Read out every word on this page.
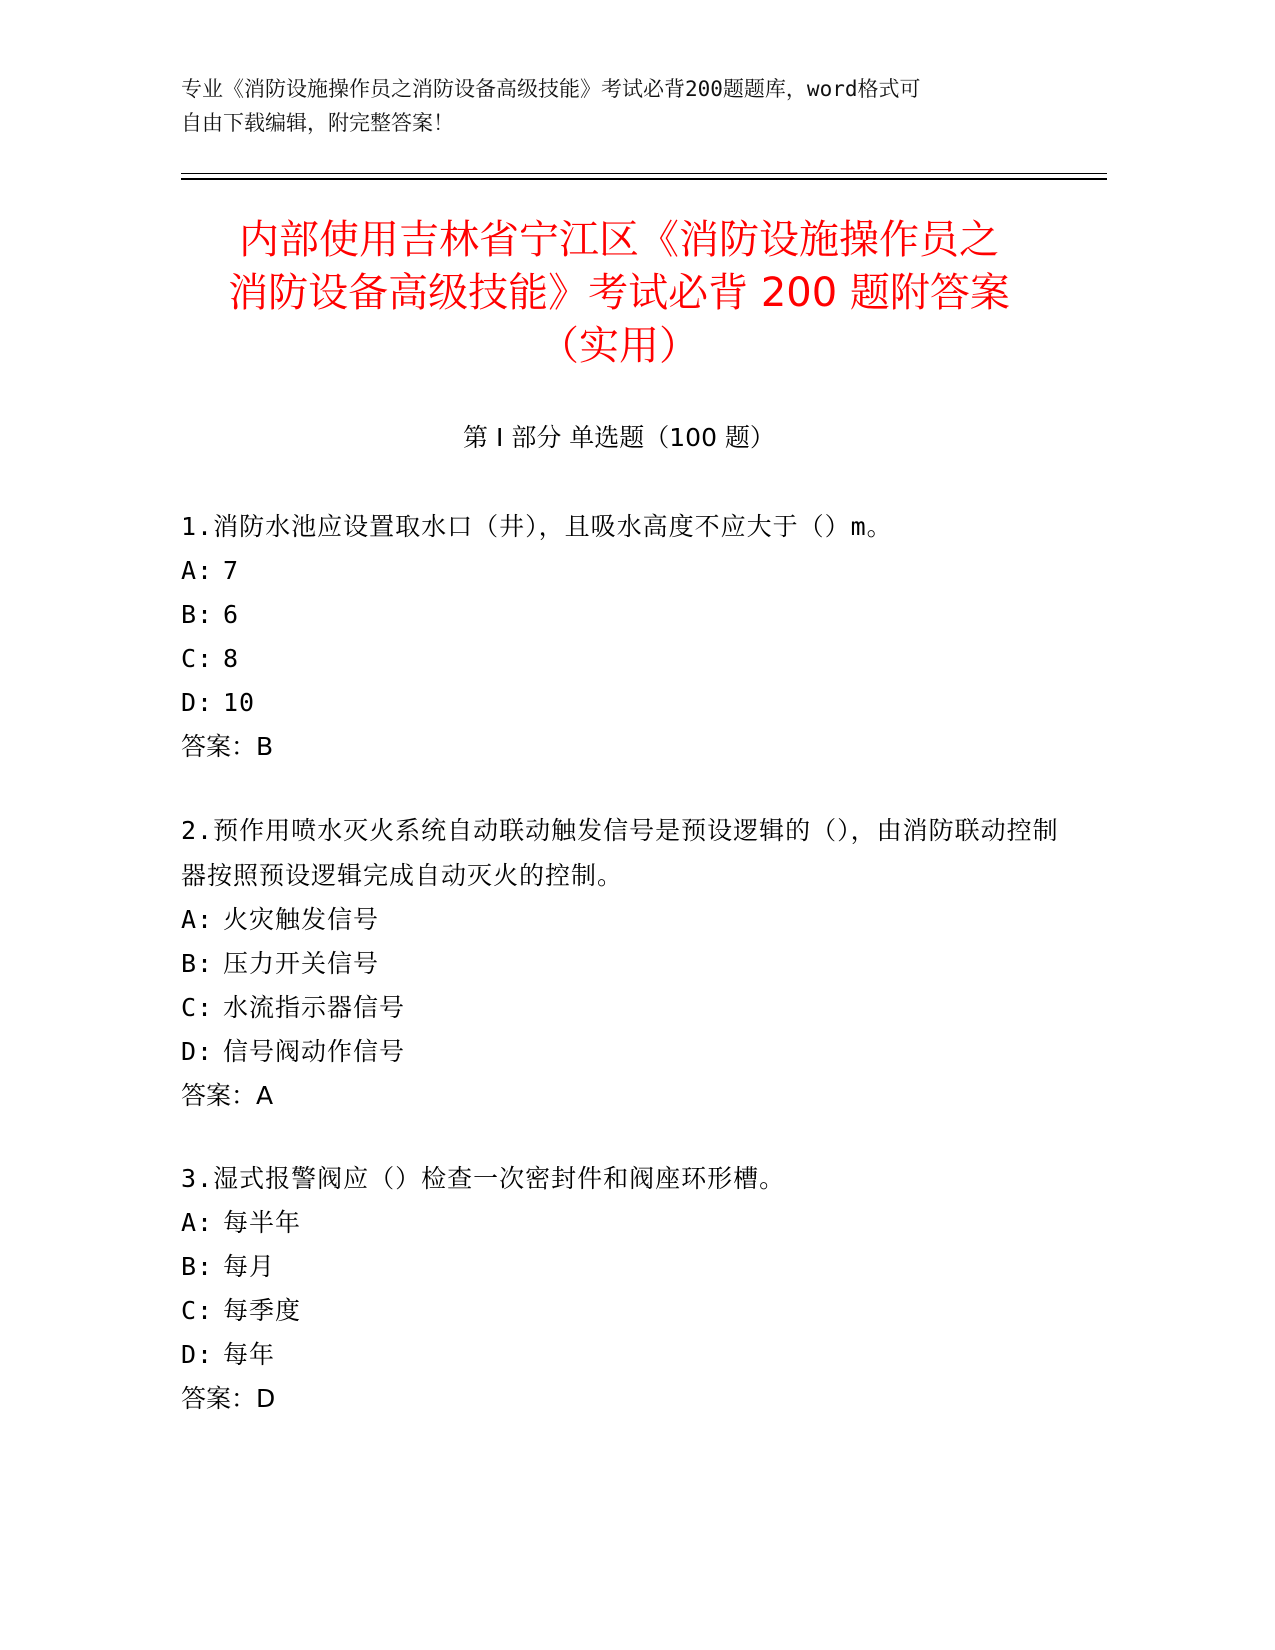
专业《消防设施操作员之消防设备高级技能》考试必背200题题库，word格式可
自由下载编辑，附完整答案！
内部使用吉林省宁江区《消防设施操作员之
消防设备高级技能》考试必背 200 题附答案
（实用）
第 I 部分 单选题（100 题）

1.消防水池应设置取水口（井），且吸水高度不应大于（）m。

A: 7

B: 6

C: 8

D: 10

答案：B

2.预作用喷水灭火系统自动联动触发信号是预设逻辑的（），由消防联动控制器按照预设逻辑完成自动灭火的控制。

A: 火灾触发信号

B: 压力开关信号

C: 水流指示器信号

D: 信号阀动作信号

答案：A

3.湿式报警阀应（）检查一次密封件和阀座环形槽。

A: 每半年

B: 每月

C: 每季度

D: 每年

答案：D
